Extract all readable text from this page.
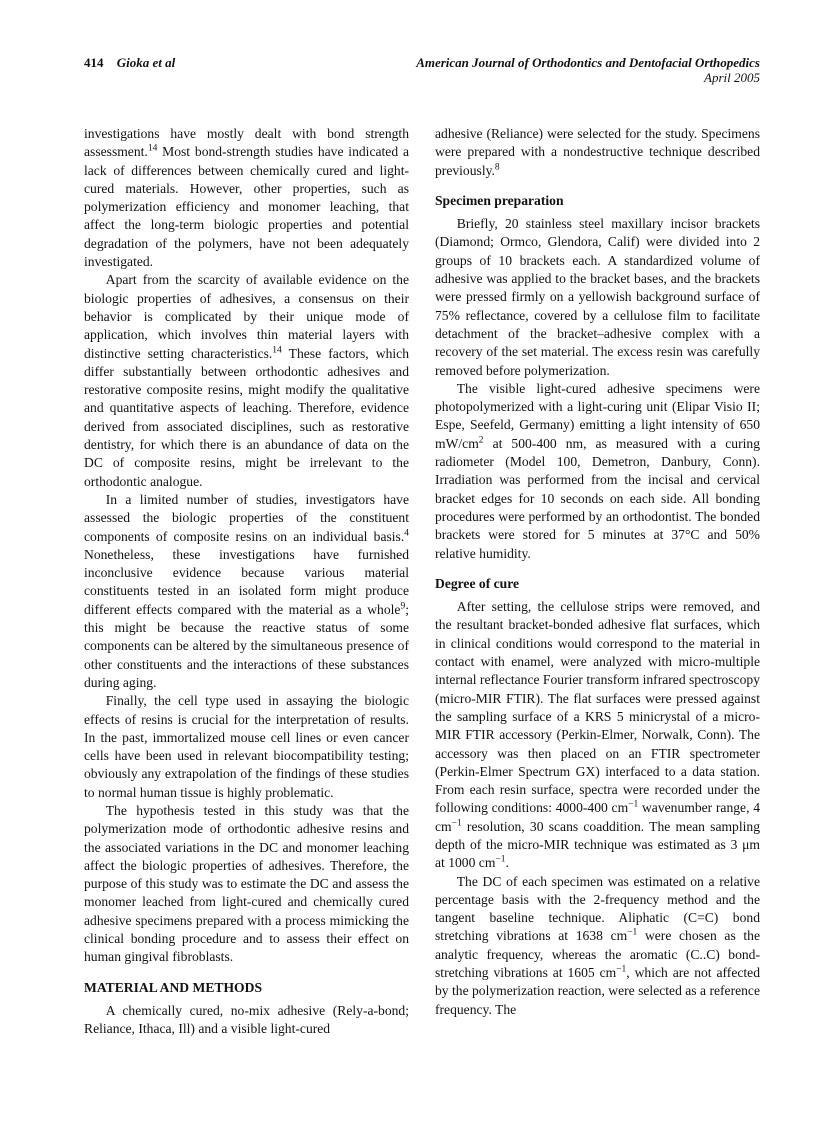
414 Gioka et al	American Journal of Orthodontics and Dentofacial Orthopedics
April 2005

investigations have mostly dealt with bond strength assessment.$^{14}$ Most bond-strength studies have indicated a lack of differences between chemically cured and light-cured materials. However, other properties, such as polymerization efficiency and monomer leaching, that affect the long-term biologic properties and potential degradation of the polymers, have not been adequately investigated.

Apart from the scarcity of available evidence on the biologic properties of adhesives, a consensus on their behavior is complicated by their unique mode of application, which involves thin material layers with distinctive setting characteristics.$^{14}$ These factors, which differ substantially between orthodontic adhesives and restorative composite resins, might modify the qualitative and quantitative aspects of leaching. Therefore, evidence derived from associated disciplines, such as restorative dentistry, for which there is an abundance of data on the DC of composite resins, might be irrelevant to the orthodontic analogue.

In a limited number of studies, investigators have assessed the biologic properties of the constituent components of composite resins on an individual basis.$^4$ Nonetheless, these investigations have furnished inconclusive evidence because various material constituents tested in an isolated form might produce different effects compared with the material as a whole$^9$; this might be because the reactive status of some components can be altered by the simultaneous presence of other constituents and the interactions of these substances during aging.

Finally, the cell type used in assaying the biologic effects of resins is crucial for the interpretation of results. In the past, immortalized mouse cell lines or even cancer cells have been used in relevant biocompatibility testing; obviously any extrapolation of the findings of these studies to normal human tissue is highly problematic.

The hypothesis tested in this study was that the polymerization mode of orthodontic adhesive resins and the associated variations in the DC and monomer leaching affect the biologic properties of adhesives. Therefore, the purpose of this study was to estimate the DC and assess the monomer leached from light-cured and chemically cured adhesive specimens prepared with a process mimicking the clinical bonding procedure and to assess their effect on human gingival fibroblasts.

MATERIAL AND METHODS

A chemically cured, no-mix adhesive (Rely-a-bond; Reliance, Ithaca, Ill) and a visible light-cured

adhesive (Reliance) were selected for the study. Specimens were prepared with a nondestructive technique described previously.$^8$

Specimen preparation

Briefly, 20 stainless steel maxillary incisor brackets (Diamond; Ormco, Glendora, Calif) were divided into 2 groups of 10 brackets each. A standardized volume of adhesive was applied to the bracket bases, and the brackets were pressed firmly on a yellowish background surface of 75% reflectance, covered by a cellulose film to facilitate detachment of the bracket–adhesive complex with a recovery of the set material. The excess resin was carefully removed before polymerization.

The visible light-cured adhesive specimens were photopolymerized with a light-curing unit (Elipar Visio II; Espe, Seefeld, Germany) emitting a light intensity of 650 $mW/cm^2$ at 500-400 nm, as measured with a curing radiometer (Model 100, Demetron, Danbury, Conn). Irradiation was performed from the incisal and cervical bracket edges for 10 seconds on each side. All bonding procedures were performed by an orthodontist. The bonded brackets were stored for 5 minutes at 37°C and 50% relative humidity.

Degree of cure

After setting, the cellulose strips were removed, and the resultant bracket-bonded adhesive flat surfaces, which in clinical conditions would correspond to the material in contact with enamel, were analyzed with micro-multiple internal reflectance Fourier transform infrared spectroscopy (micro-MIR FTIR). The flat surfaces were pressed against the sampling surface of a KRS 5 minicrystal of a micro-MIR FTIR accessory (Perkin-Elmer, Norwalk, Conn). The accessory was then placed on an FTIR spectrometer (Perkin-Elmer Spectrum GX) interfaced to a data station. From each resin surface, spectra were recorded under the following conditions: 4000-400 $cm^{-1}$ wavenumber range, 4 $cm^{-1}$ resolution, 30 scans coaddition. The mean sampling depth of the micro-MIR technique was estimated as 3 μm at 1000 $cm^{-1}$.

The DC of each specimen was estimated on a relative percentage basis with the 2-frequency method and the tangent baseline technique. Aliphatic (C=C) bond stretching vibrations at 1638 $cm^{-1}$ were chosen as the analytic frequency, whereas the aromatic (C..C) bond-stretching vibrations at 1605 $cm^{-1}$, which are not affected by the polymerization reaction, were selected as a reference frequency. The
